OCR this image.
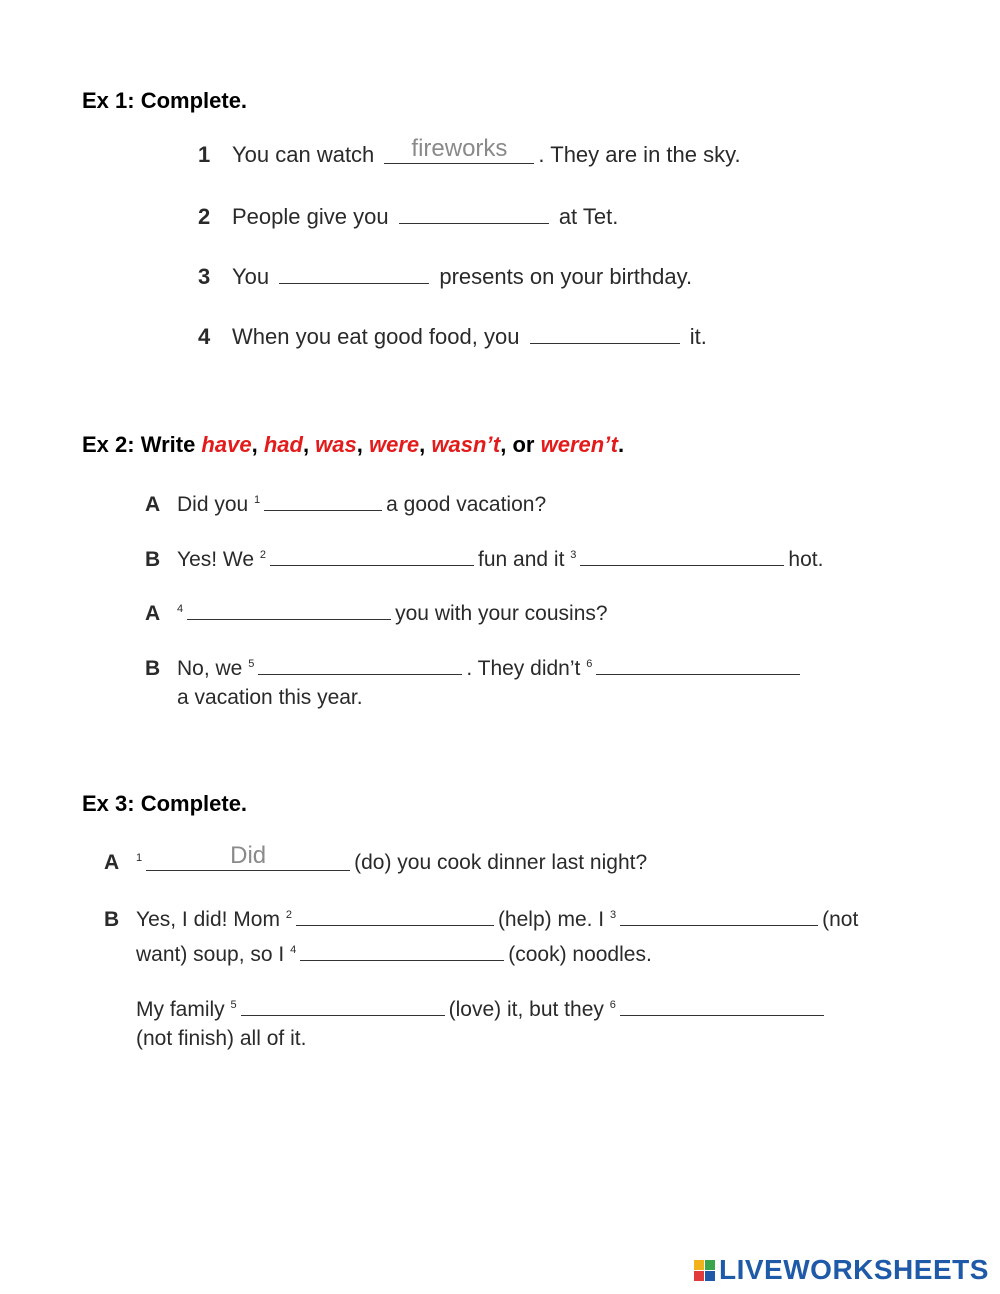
Ex 1: Complete.
1 You can watch fireworks . They are in the sky.
2 People give you	at Tet.
3 You	presents on your birthday.
4 When you eat good food, you	it.
Ex 2: Write have, had, was, were, wasn’t, or weren’t.
A Did you $^1$	a good vacation?
B Yes! We $^2$	fun and it $^3$	hot.
A $^4$	you with your cousins?
B No, we $^5$	. They didn’t $^6$
a vacation this year.
Ex 3: Complete.
A $^1$	Did	(do) you cook dinner last night?
B Yes, I did! Mom $^2$	(help) me. I $^3$	(not
want) soup, so I $^4$	(cook) noodles.
My family $^5$	(love) it, but they $^6$
(not finish) all of it.
LIVEWORKSHEETS
